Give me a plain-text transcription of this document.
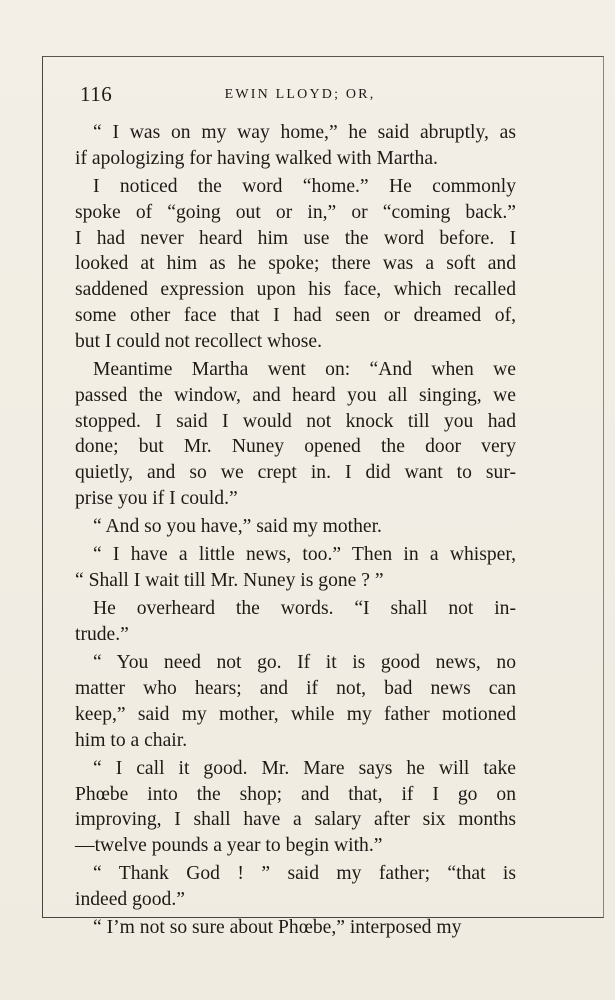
116	EWIN LLOYD; OR,
“ I was on my way home,” he said abruptly, as
if apologizing for having walked with Martha.
I noticed the word “home.” He commonly
spoke of “going out or in,” or “coming back.”
I had never heard him use the word before. I
looked at him as he spoke; there was a soft and
saddened expression upon his face, which recalled
some other face that I had seen or dreamed of,
but I could not recollect whose.
Meantime Martha went on: “And when we
passed the window, and heard you all singing, we
stopped. I said I would not knock till you had
done; but Mr. Nuney opened the door very
quietly, and so we crept in. I did want to sur-
prise you if I could.”
“ And so you have,” said my mother.
“ I have a little news, too.” Then in a whisper,
“ Shall I wait till Mr. Nuney is gone ? ”
He overheard the words. “I shall not in-
trude.”
“ You need not go. If it is good news, no
matter who hears; and if not, bad news can
keep,” said my mother, while my father motioned
him to a chair.
“ I call it good. Mr. Mare says he will take
Phœbe into the shop; and that, if I go on
improving, I shall have a salary after six months
—twelve pounds a year to begin with.”
“ Thank God ! ” said my father; “that is
indeed good.”
“ I’m not so sure about Phœbe,” interposed my
